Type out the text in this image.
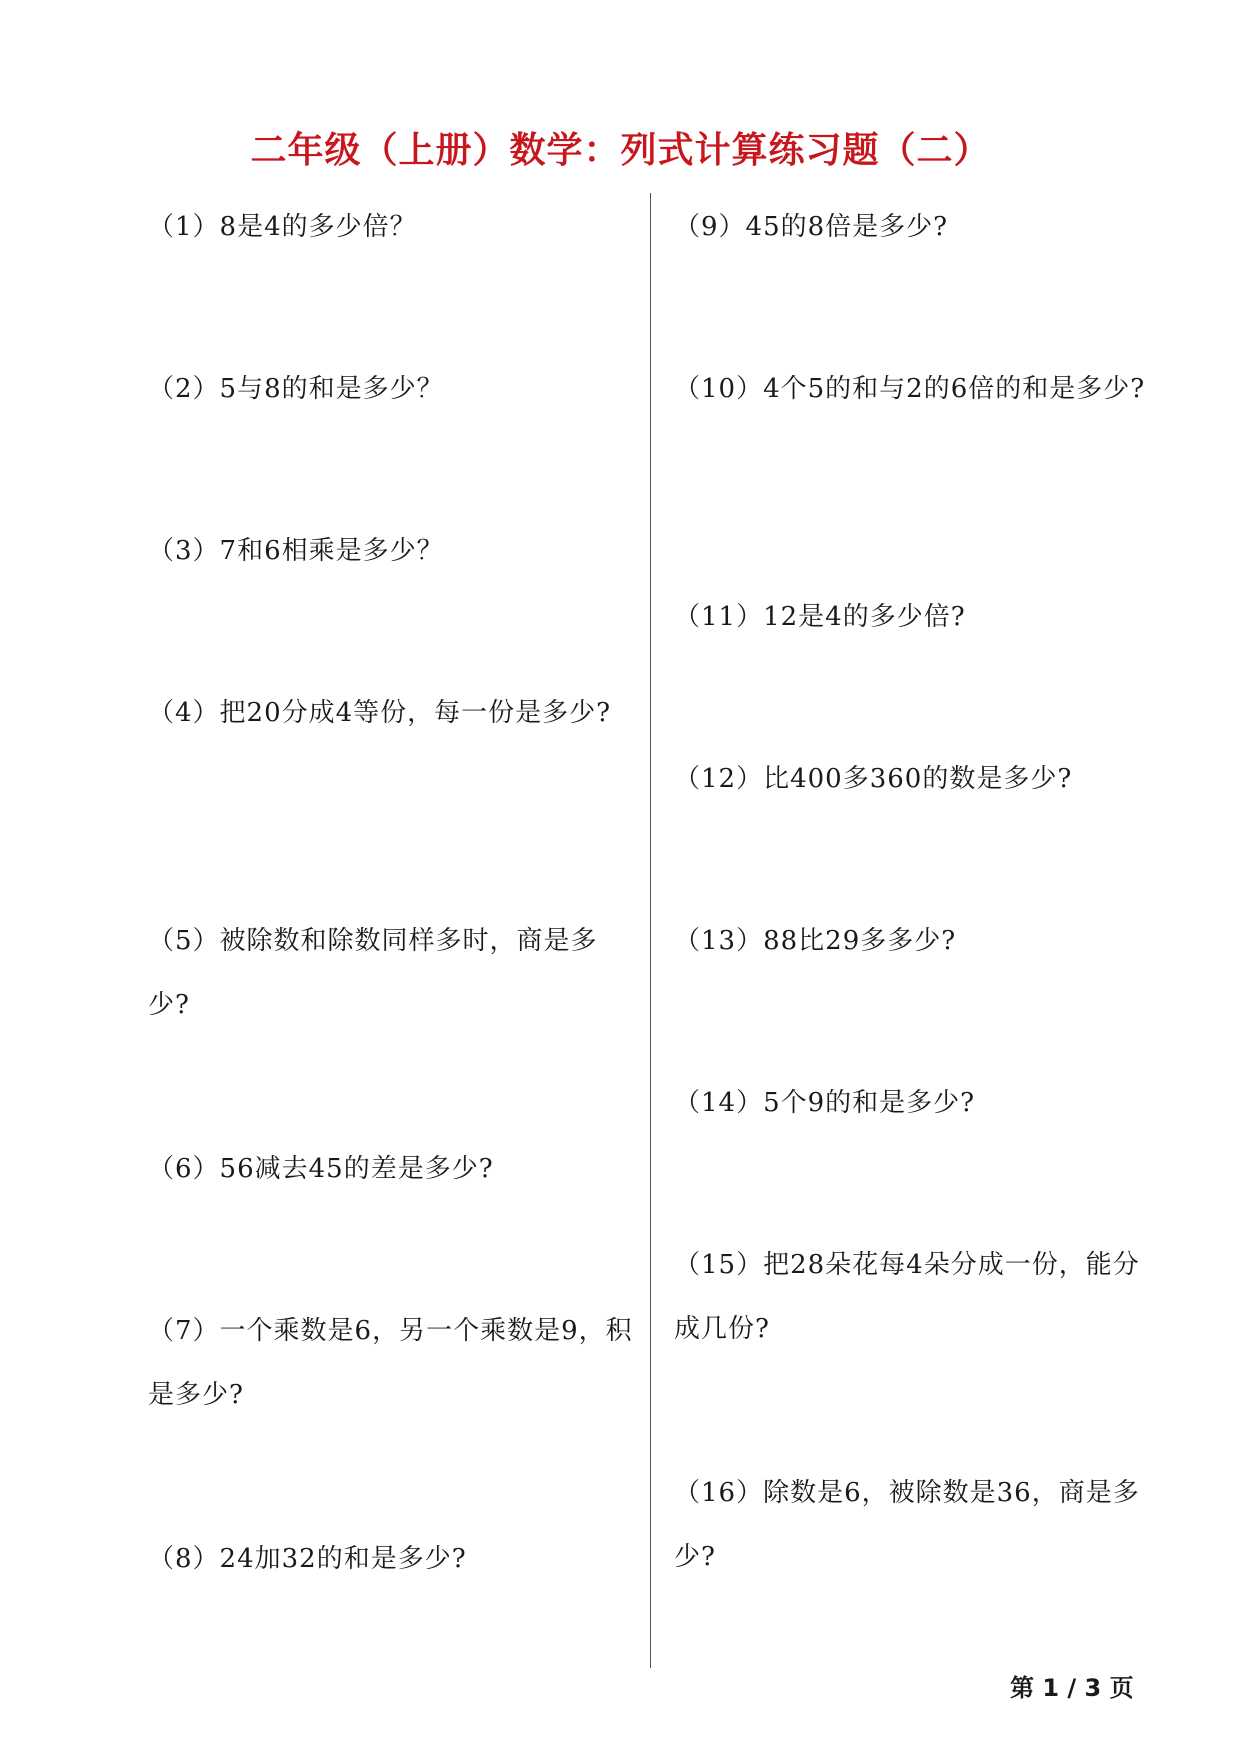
二年级（上册）数学：列式计算练习题（二）
（1）8是4的多少倍？
（2）5与8的和是多少？
（3）7和6相乘是多少？
（4）把20分成4等份，每一份是多少?
（5）被除数和除数同样多时，商是多少?
（6）56减去45的差是多少?
（7）一个乘数是6，另一个乘数是9，积是多少?
（8）24加32的和是多少?
（9）45的8倍是多少?
（10）4个5的和与2的6倍的和是多少?
（11）12是4的多少倍?
（12）比400多360的数是多少?
（13）88比29多多少?
（14）5个9的和是多少?
（15）把28朵花每4朵分成一份，能分成几份?
（16）除数是6，被除数是36，商是多少?
第 1 / 3 页
